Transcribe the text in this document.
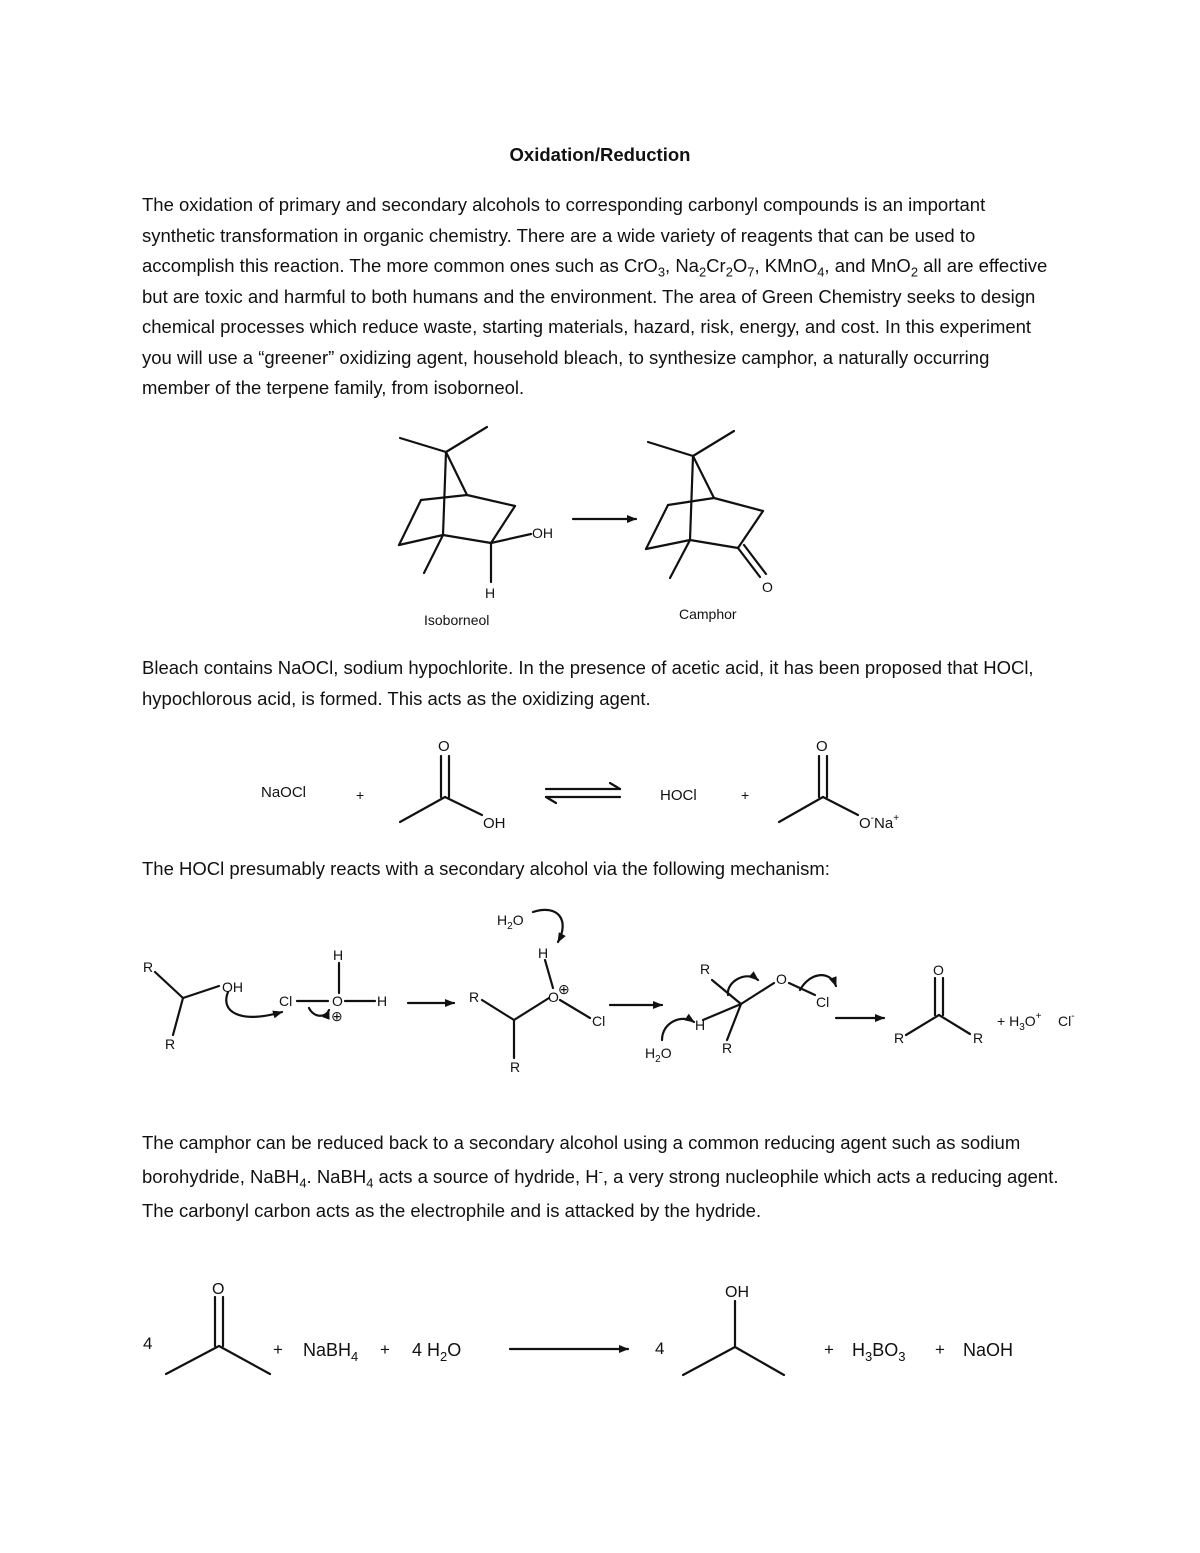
Oxidation/Reduction
The oxidation of primary and secondary alcohols to corresponding carbonyl compounds is an important synthetic transformation in organic chemistry. There are a wide variety of reagents that can be used to accomplish this reaction. The more common ones such as CrO$_3$, $Na_2Cr_2O_7$, KMnO$_4$, and MnO$_2$ all are effective but are toxic and harmful to both humans and the environment. The area of Green Chemistry seeks to design chemical processes which reduce waste, starting materials, hazard, risk, energy, and cost. In this experiment you will use a “greener” oxidizing agent, household bleach, to synthesize camphor, a naturally occurring member of the terpene family, from isoborneol.
Bleach contains NaOCl, sodium hypochlorite. In the presence of acetic acid, it has been proposed that HOCl, hypochlorous acid, is formed. This acts as the oxidizing agent.
The HOCl presumably reacts with a secondary alcohol via the following mechanism:
The camphor can be reduced back to a secondary alcohol using a common reducing agent such as sodium borohydride, NaBH$_4$. NaBH$_4$ acts a source of hydride, H-, a very strong nucleophile which acts a reducing agent. The carbonyl carbon acts as the electrophile and is attacked by the hydride.
OH
H	O
Isoborneol	Camphor
NaOCl	+
O
OH
HOCl	+
O
O-Na+
R
R
OH
Cl	O
H
H
⊕
$H_2O$
H
R
R
O ⊕
Cl
R
R
O
Cl
H
$H_2O$
O
R	R
+ $H_3O^+$ Cl-
4
O
+ NaBH$_4$ + 4 $H_2O$	4
OH
+ $H_3BO_3$ + NaOH
